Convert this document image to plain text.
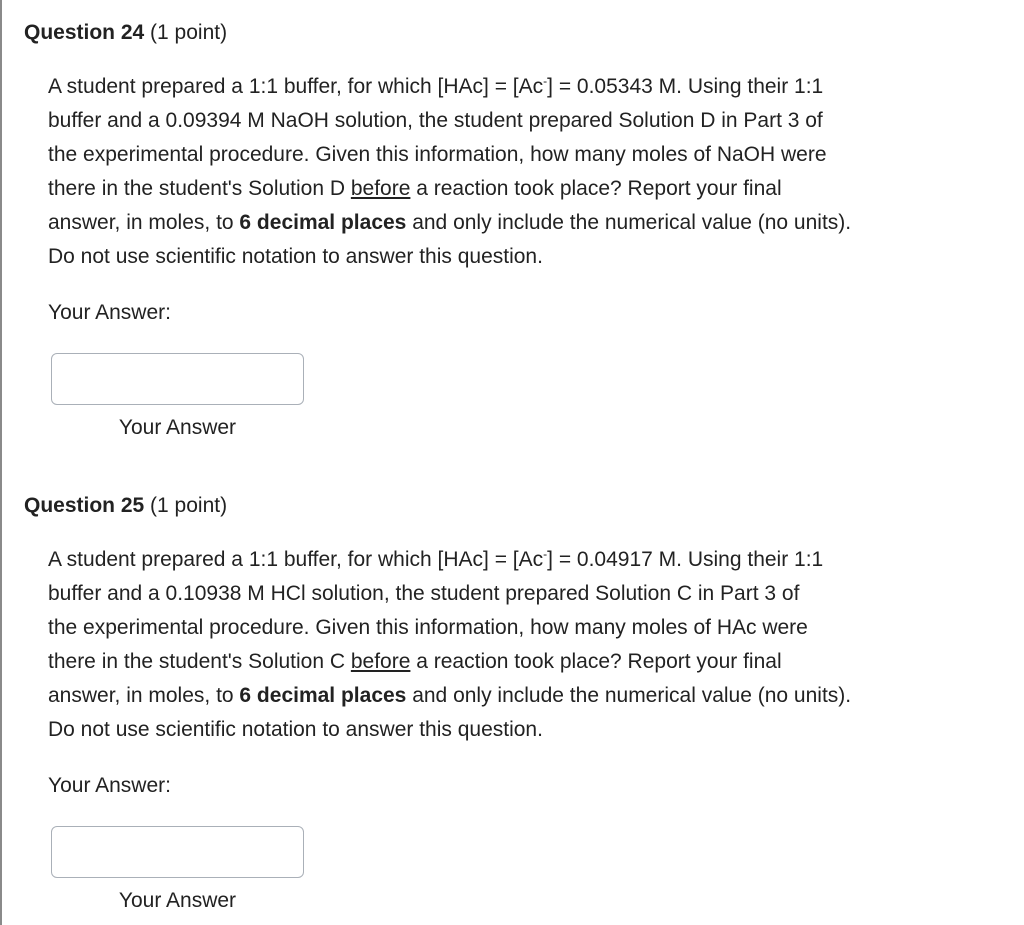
Question 24 (1 point)
A student prepared a 1:1 buffer, for which [HAc] = [Ac-] = 0.05343 M. Using their 1:1
buffer and a 0.09394 M NaOH solution, the student prepared Solution D in Part 3 of
the experimental procedure. Given this information, how many moles of NaOH were
there in the student's Solution D before a reaction took place? Report your final
answer, in moles, to 6 decimal places and only include the numerical value (no units).
Do not use scientific notation to answer this question.

Your Answer:

Your Answer

Question 25 (1 point)
A student prepared a 1:1 buffer, for which [HAc] = [Ac-] = 0.04917 M. Using their 1:1
buffer and a 0.10938 M HCl solution, the student prepared Solution C in Part 3 of
the experimental procedure. Given this information, how many moles of HAc were
there in the student's Solution C before a reaction took place? Report your final
answer, in moles, to 6 decimal places and only include the numerical value (no units).
Do not use scientific notation to answer this question.

Your Answer:

Your Answer
